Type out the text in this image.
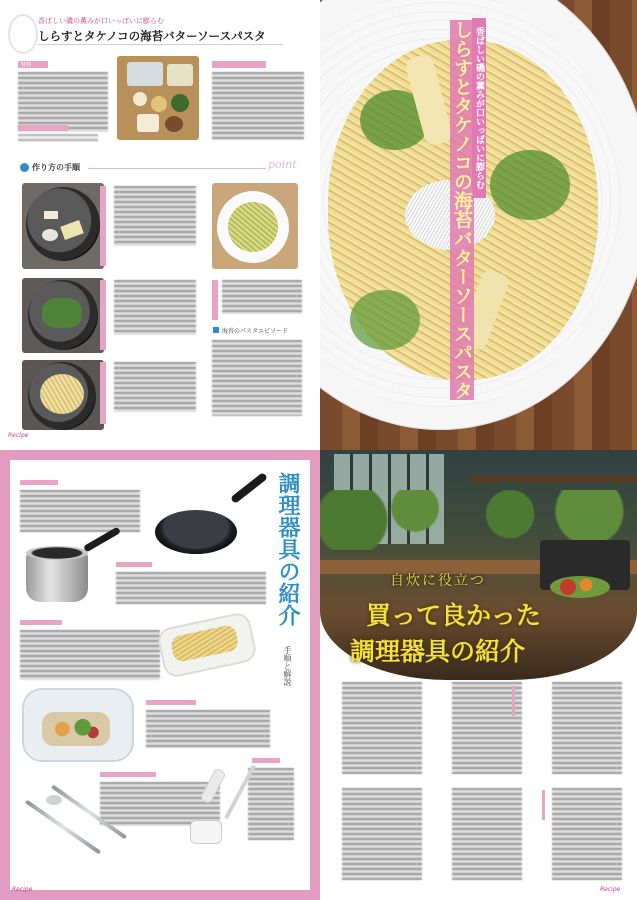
香ばしい磯の薫みが口いっぱいに膨らむ
しらすとタケノコの海苔バターソースパスタ
材料
作り方の手順	point
海苔のパスタエピソード
Recipe
香ばしい磯の薫みが口いっぱいに膨らむ
しらすとタケノコの海苔バターソースパスタ
調理器具の紹介
手順と解説
Recipe
自炊に役立つ
買って良かった
調理器具の紹介
Recipe
